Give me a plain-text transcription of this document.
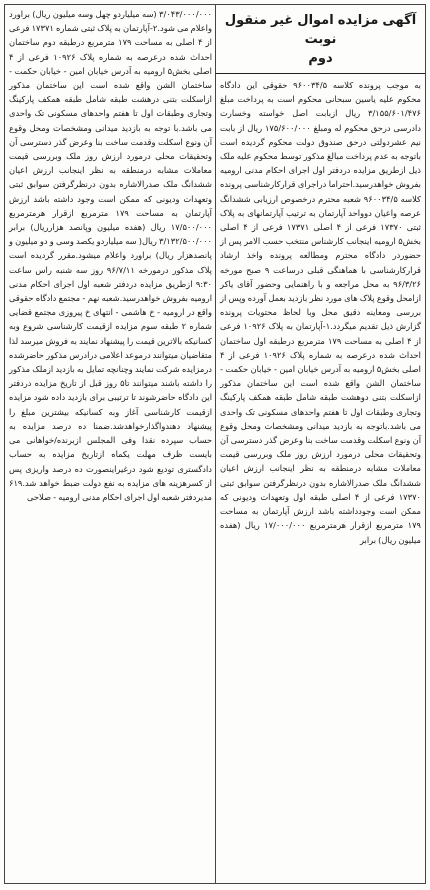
آگهی مزایده اموال غیر منقول نوبت
دوم

به موجب پرونده کلاسه ۹۶۰۰۳۴/۵ حقوقی این دادگاه محکوم علیه یاسین سبحانی محکوم است به پرداخت مبلغ ۳/۱۵۵/۶۰۱/۴۷۶ ریال ازبابت اصل خواسته وخسارت دادرسی درحق محکوم له ومبلغ ۱۷۵/۶۰۰/۰۰۰ ریال از بابت نیم عشردولتی درحق صندوق دولت محکوم گردیده است باتوجه به عدم پرداخت مبالغ مذکور توسط محکوم علیه ملک ذیل ازطریق مزایده دردفتر اول اجرای احکام مدنی ارومیه بفروش خواهدرسید.احتراما دراجرای قرارکارشناسی پرونده کلاسه ۹۶۰۰۳۴/۵ شعبه محترم درخصوص ارزیابی ششدانگ عرصه واعیان دوواحد آپارتمان به ترتیب آپارتمانهای به پلاک ثبتی ۱۷۳۷۰ فرعی از ۴ اصلی ۱۷۳۷۱ فرعی از ۴ اصلی بخش۵ ارومیه اینجانب کارشناس منتخب حسب الامر پس از حضوردر دادگاه محترم ومطالعه پرونده واخذ ارشاد قرارکارشناسی با هماهنگی قبلی درساعت ۹ صبح مورخه ۹۶/۳/۲۶ به محل مراجعه و با راهنمایی وحضور آقای یاکر ازامحل وقوع پلاک های مورد نظر بازدید بعمل آورده وپس از بررسی ومعاینه دقیق محل وبا لحاظ محتویات پرونده گزارش ذیل تقدیم میگردد.۱-آپارتمان به پلاک ۱۰۹۲۶ فرعی از ۴ اصلی به مساحت ۱۷۹ مترمربع درطبقه اول ساختمان احداث شده درعرصه به شماره پلاک ۱۰۹۲۶ فرعی از ۴ اصلی بخش۵ ارومیه به آدرس خیابان امین - خیابان حکمت - ساختمان الشن واقع شده است این ساختمان مذکور ازاسکلت بتنی دوهشت طبقه شامل طبقه همکف پارکینگ وتجاری وطبقات اول تا هفتم واحدهای مسکونی تک واحدی می باشد.باتوجه به بازدید میدانی ومشخصات ومحل وقوع آن ونوع اسکلت وقدمت ساخت بنا وعرض گذر دسترسی آن وتحقیقات محلی درمورد ارزش روز ملک وبررسی قیمت معاملات مشابه درمنطقه به نظر اینجانب ارزش اعیان ششدانگ ملک صدرالاشاره بدون درنظرگرفتن سوابق ثبتی ۱۷۳۷۰ فرعی از ۴ اصلی طبقه اول وتعهدات ودیونی که ممکن است وجودداشته باشد ارزش آپارتمان به مساحت ۱۷۹ مترمربع ازقرار هرمترمربع ۱۷/۰۰۰/۰۰۰ ریال (هفده میلیون ریال) برابر

۳/۰۴۳/۰۰۰/۰۰۰ (سه میلیاردو چهل وسه میلیون ریال) براورد واعلام می شود.۲-آپارتمان به پلاک ثبتی شماره ۱۷۳۷۱ فرعی از ۴ اصلی به مساحت ۱۷۹ مترمربع درطبقه دوم ساختمان احداث شده درعرصه به شماره پلاک ۱۰۹۲۶ فرعی از ۴ اصلی بخش۵ ارومیه به آدرس خیابان امین - خیابان حکمت - ساختمان الشن واقع شده است این ساختمان مذکور ازاسکلت بتنی درهشت طبقه شامل طبقه همکف پارکینگ وتجاری وطبقات اول تا هفتم واحدهای مسکونی تک واحدی می باشد.با توجه به بازدید میدانی ومشخصات ومحل وقوع آن ونوع اسکلت وقدمت ساخت بنا وعرض گذر دسترسی آن وتحقیقات محلی درمورد ارزش روز ملک وبررسی قیمت معاملات مشابه درمنطقه به نظر اینجانب ارزش اعیان ششدانگ ملک صدرالاشاره بدون درنظرگرفتن سوابق ثبتی وتعهدات ودیونی که ممکن است وجود داشته باشد ارزش آپارتمان به مساحت ۱۷۹ مترمربع ازقرار هرمترمربع ۱۷/۵۰۰/۰۰۰ ریال (هفده میلیون وپانصد هزارریال) برابر ۳/۱۳۲/۵۰۰/۰۰۰ ریال( سه میلیاردو یکصد وسی و دو میلیون و پانصدهزار ریال) براورد واعلام میشود.مقرر گردیده است پلاک مذکور درمورخه ۹۶/۷/۱۱ روز سه شنبه راس ساعت ۹:۳۰ ازطریق مزایده دردفتر شعبه اول اجرای احکام مدنی ارومیه بفروش خواهدرسید.شعبه نهم - مجتمع دادگاه حقوقی واقع در ارومیه - خ هاشمی - انتهای خ پیروزی مجتمع قضایی شماره ۲ طبقه سوم مزایده ازقیمت کارشناسی شروع وبه کسانیکه بالاترین قیمت را پیشنهاد نمایند به فروش میرسد لذا متقاضیان میتوانند درموعد اعلامی درادرس مذکور حاضرشده درمزایده شرکت نمایند وچنانچه تمایل به بازدید ازملک مذکور را داشته باشند میتوانند تا۵ روز قبل از تاریخ مزایده دردفتر این دادگاه حاضرشوند تا ترتیبی برای بازدید داده شود مزایده ازقیمت کارشناسی آغاز وبه کسانیکه بیشترین مبلغ را پیشنهاد دهندواگذارخواهدشد.ضمنا ده درصد مزایده به حساب سپرده نقدا وفی المجلس ازبرنده/خواهانی می بایست ظرف مهلت یکماه ازتاریخ مزایده به حساب دادگستری تودیع شود درغیراینصورت ده درصد واریزی پس از کسرهزینه های مزایده به نفع دولت ضبط خواهد شد.۶۱۹ مدیردفتر شعبه اول اجرای احکام مدنی ارومیه - صلاحی
